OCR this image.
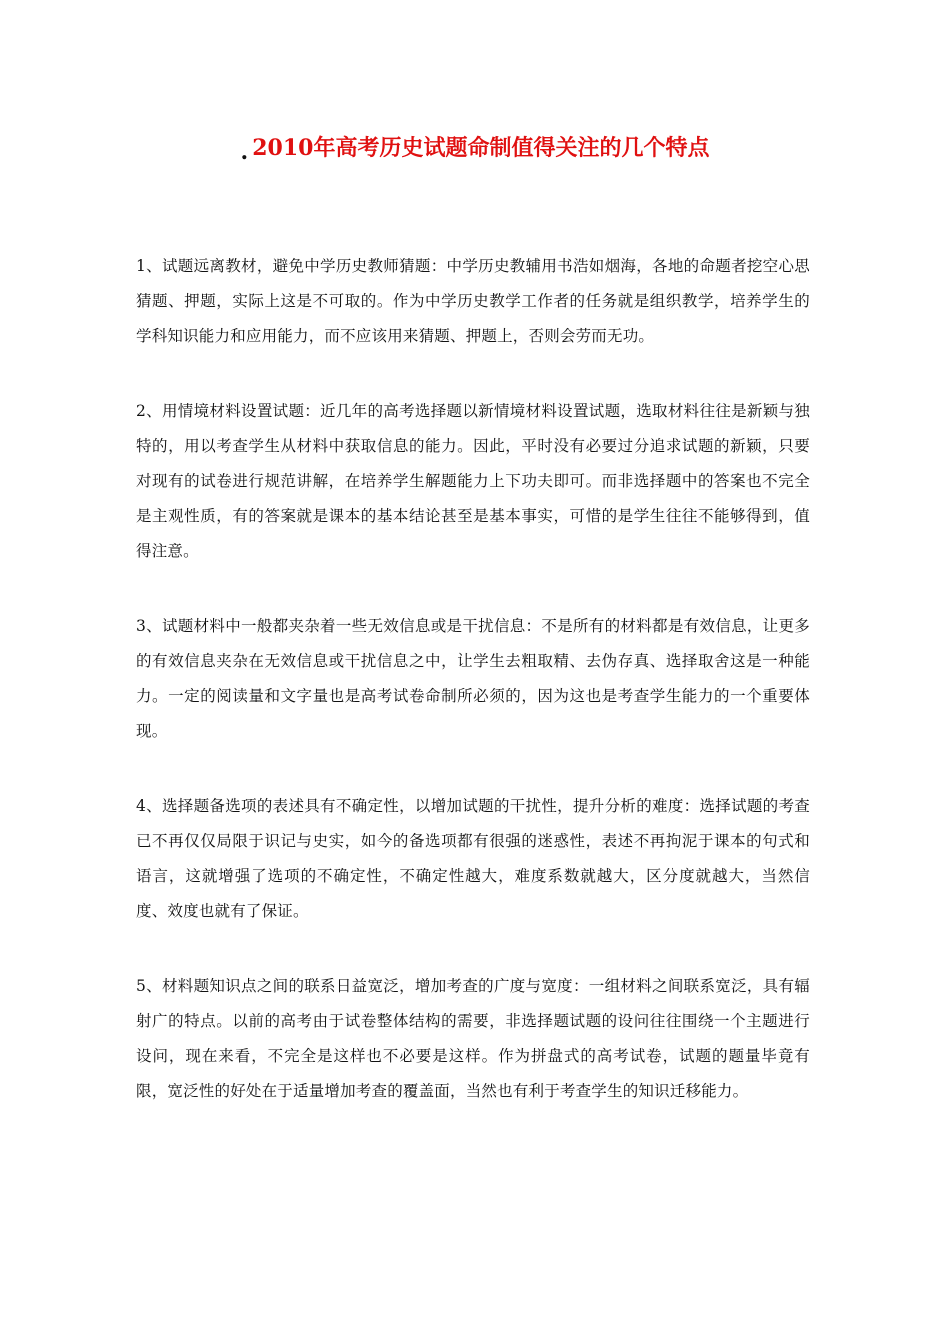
. 2010年高考历史试题命制值得关注的几个特点

1、试题远离教材，避免中学历史教师猜题：中学历史教辅用书浩如烟海，各地的命题者挖空心思猜题、押题，实际上这是不可取的。作为中学历史教学工作者的任务就是组织教学，培养学生的学科知识能力和应用能力，而不应该用来猜题、押题上，否则会劳而无功。

2、用情境材料设置试题：近几年的高考选择题以新情境材料设置试题，选取材料往往是新颖与独特的，用以考查学生从材料中获取信息的能力。因此，平时没有必要过分追求试题的新颖，只要对现有的试卷进行规范讲解，在培养学生解题能力上下功夫即可。而非选择题中的答案也不完全是主观性质，有的答案就是课本的基本结论甚至是基本事实，可惜的是学生往往不能够得到，值得注意。

3、试题材料中一般都夹杂着一些无效信息或是干扰信息：不是所有的材料都是有效信息，让更多的有效信息夹杂在无效信息或干扰信息之中，让学生去粗取精、去伪存真、选择取舍这是一种能力。一定的阅读量和文字量也是高考试卷命制所必须的，因为这也是考查学生能力的一个重要体现。

4、选择题备选项的表述具有不确定性，以增加试题的干扰性，提升分析的难度：选择试题的考查已不再仅仅局限于识记与史实，如今的备选项都有很强的迷惑性，表述不再拘泥于课本的句式和语言，这就增强了选项的不确定性，不确定性越大，难度系数就越大，区分度就越大，当然信度、效度也就有了保证。

5、材料题知识点之间的联系日益宽泛，增加考查的广度与宽度：一组材料之间联系宽泛，具有辐射广的特点。以前的高考由于试卷整体结构的需要，非选择题试题的设问往往围绕一个主题进行设问，现在来看，不完全是这样也不必要是这样。作为拼盘式的高考试卷，试题的题量毕竟有限，宽泛性的好处在于适量增加考查的覆盖面，当然也有利于考查学生的知识迁移能力。
